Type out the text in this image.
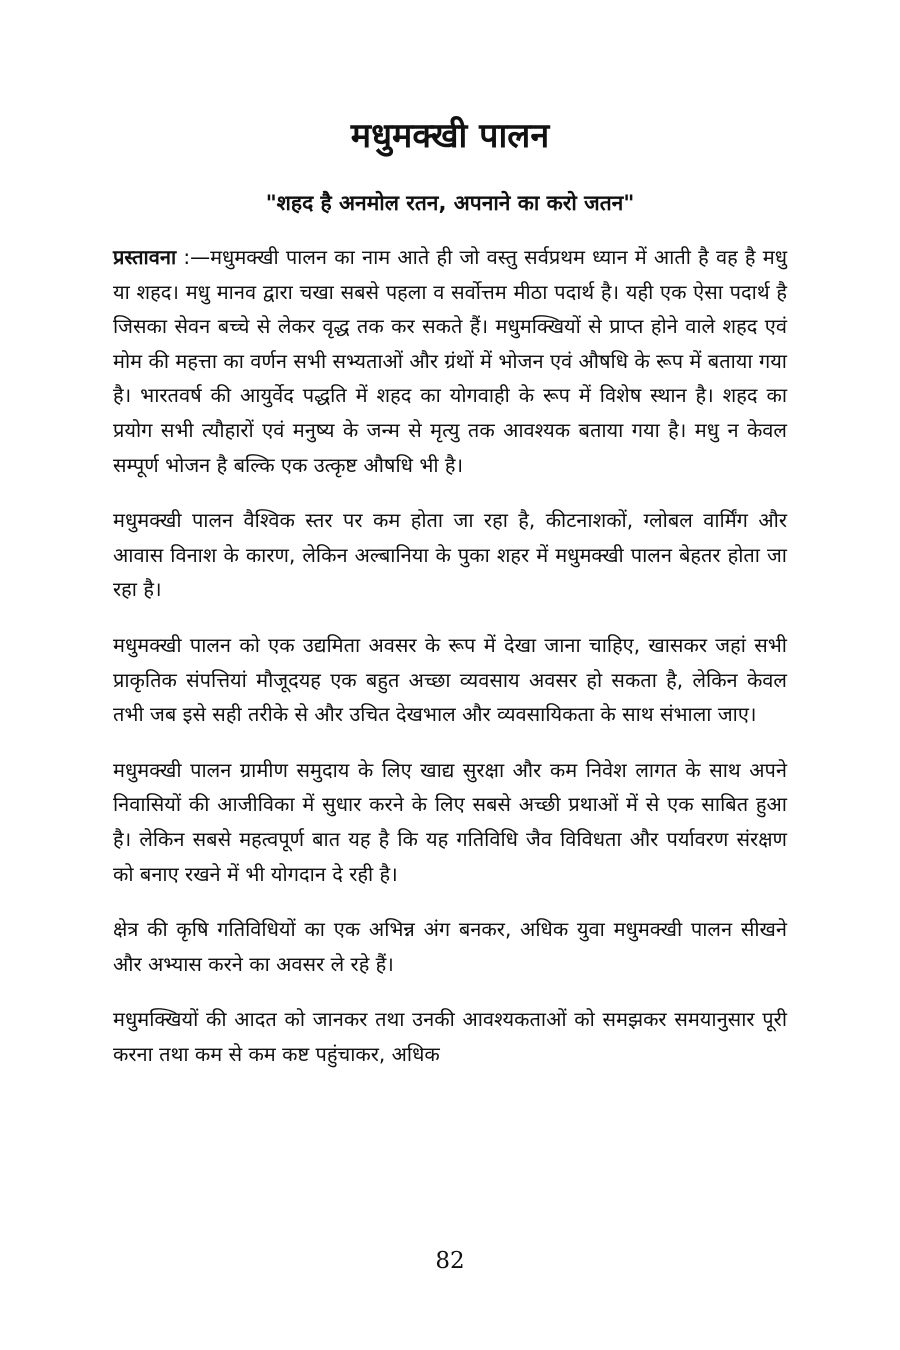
मधुमक्खी पालन
"शहद है अनमोल रतन, अपनाने का करो जतन"

प्रस्तावना :—मधुमक्खी पालन का नाम आते ही जो वस्तु सर्वप्रथम ध्यान में आती है वह है मधु या शहद। मधु मानव द्वारा चखा सबसे पहला व सर्वोत्तम मीठा पदार्थ है। यही एक ऐसा पदार्थ है जिसका सेवन बच्चे से लेकर वृद्ध तक कर सकते हैं। मधुमक्खियों से प्राप्त होने वाले शहद एवं मोम की महत्ता का वर्णन सभी सभ्यताओं और ग्रंथों में भोजन एवं औषधि के रूप में बताया गया है। भारतवर्ष की आयुर्वेद पद्धति में शहद का योगवाही के रूप में विशेष स्थान है। शहद का प्रयोग सभी त्यौहारों एवं मनुष्य के जन्म से मृत्यु तक आवश्यक बताया गया है। मधु न केवल सम्पूर्ण भोजन है बल्कि एक उत्कृष्ट औषधि भी है।

मधुमक्खी पालन वैश्विक स्तर पर कम होता जा रहा है, कीटनाशकों, ग्लोबल वार्मिंग और आवास विनाश के कारण, लेकिन अल्बानिया के पुका शहर में मधुमक्खी पालन बेहतर होता जा रहा है।

मधुमक्खी पालन को एक उद्यमिता अवसर के रूप में देखा जाना चाहिए, खासकर जहां सभी प्राकृतिक संपत्तियां मौजूदयह एक बहुत अच्छा व्यवसाय अवसर हो सकता है, लेकिन केवल तभी जब इसे सही तरीके से और उचित देखभाल और व्यवसायिकता के साथ संभाला जाए।

मधुमक्खी पालन ग्रामीण समुदाय के लिए खाद्य सुरक्षा और कम निवेश लागत के साथ अपने निवासियों की आजीविका में सुधार करने के लिए सबसे अच्छी प्रथाओं में से एक साबित हुआ है। लेकिन सबसे महत्वपूर्ण बात यह है कि यह गतिविधि जैव विविधता और पर्यावरण संरक्षण को बनाए रखने में भी योगदान दे रही है।

क्षेत्र की कृषि गतिविधियों का एक अभिन्न अंग बनकर, अधिक युवा मधुमक्खी पालन सीखने और अभ्यास करने का अवसर ले रहे हैं।

मधुमक्खियों की आदत को जानकर तथा उनकी आवश्यकताओं को समझकर समयानुसार पूरी करना तथा कम से कम कष्ट पहुंचाकर, अधिक

82
